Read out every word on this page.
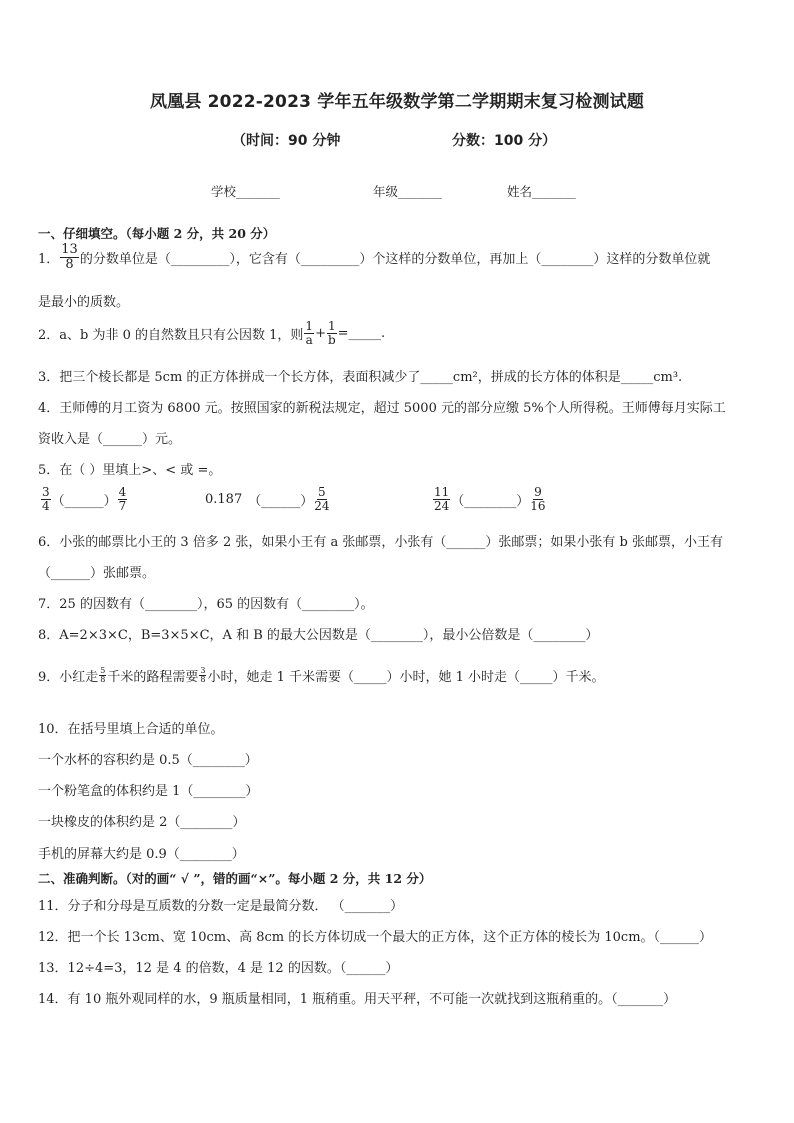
凤凰县 2022-2023 学年五年级数学第二学期期末复习检测试题
（时间：90 分钟	分数：100 分）
学校_______	年级_______	姓名_______
一、仔细填空。（每小题 2 分，共 20 分）
1． $\frac{13}{8}$ 的分数单位是（_________），它含有（_________）个这样的分数单位，再加上（________）这样的分数单位就
是最小的质数。
2．a、b 为非 0 的自然数且只有公因数 1，则 $\frac{1}{a} + \frac{1}{b}$ =_____.
3．把三个棱长都是 5cm 的正方体拼成一个长方体，表面积减少了_____cm²，拼成的长方体的体积是_____cm³.
4．王师傅的月工资为 6800 元。按照国家的新税法规定，超过 5000 元的部分应缴 5%个人所得税。王师傅每月实际工
资收入是（______）元。
5．在（ ）里填上>、< 或 =。
$\frac{3}{4}$ （______） $\frac{4}{7}$	0.187 （______） $\frac{5}{24}$	$\frac{11}{24}$ （________） $\frac{9}{16}$
6．小张的邮票比小王的 3 倍多 2 张，如果小王有 a 张邮票，小张有（______）张邮票；如果小张有 b 张邮票，小王有
（______）张邮票。
7．25 的因数有（________），65 的因数有（________）。
8．A=2×3×C，B=3×5×C，A 和 B 的最大公因数是（________），最小公倍数是（________）
9．小红走 $\frac{5}{8}$ 千米的路程需要 $\frac{3}{8}$ 小时，她走 1 千米需要（_____）小时，她 1 小时走（_____）千米。
10．在括号里填上合适的单位。
一个水杯的容积约是 0.5（________）
一个粉笔盒的体积约是 1（________）
一块橡皮的体积约是 2（________）
手机的屏幕大约是 0.9（________）
二、准确判断。（对的画“ √ ”，错的画“×”。每小题 2 分，共 12 分）
11．分子和分母是互质数的分数一定是最简分数． （_______）
12．把一个长 13cm、宽 10cm、高 8cm 的长方体切成一个最大的正方体，这个正方体的棱长为 10cm。（______）
13．12÷4=3，12 是 4 的倍数，4 是 12 的因数。（______）
14．有 10 瓶外观同样的水，9 瓶质量相同，1 瓶稍重。用天平秤，不可能一次就找到这瓶稍重的。（_______）
